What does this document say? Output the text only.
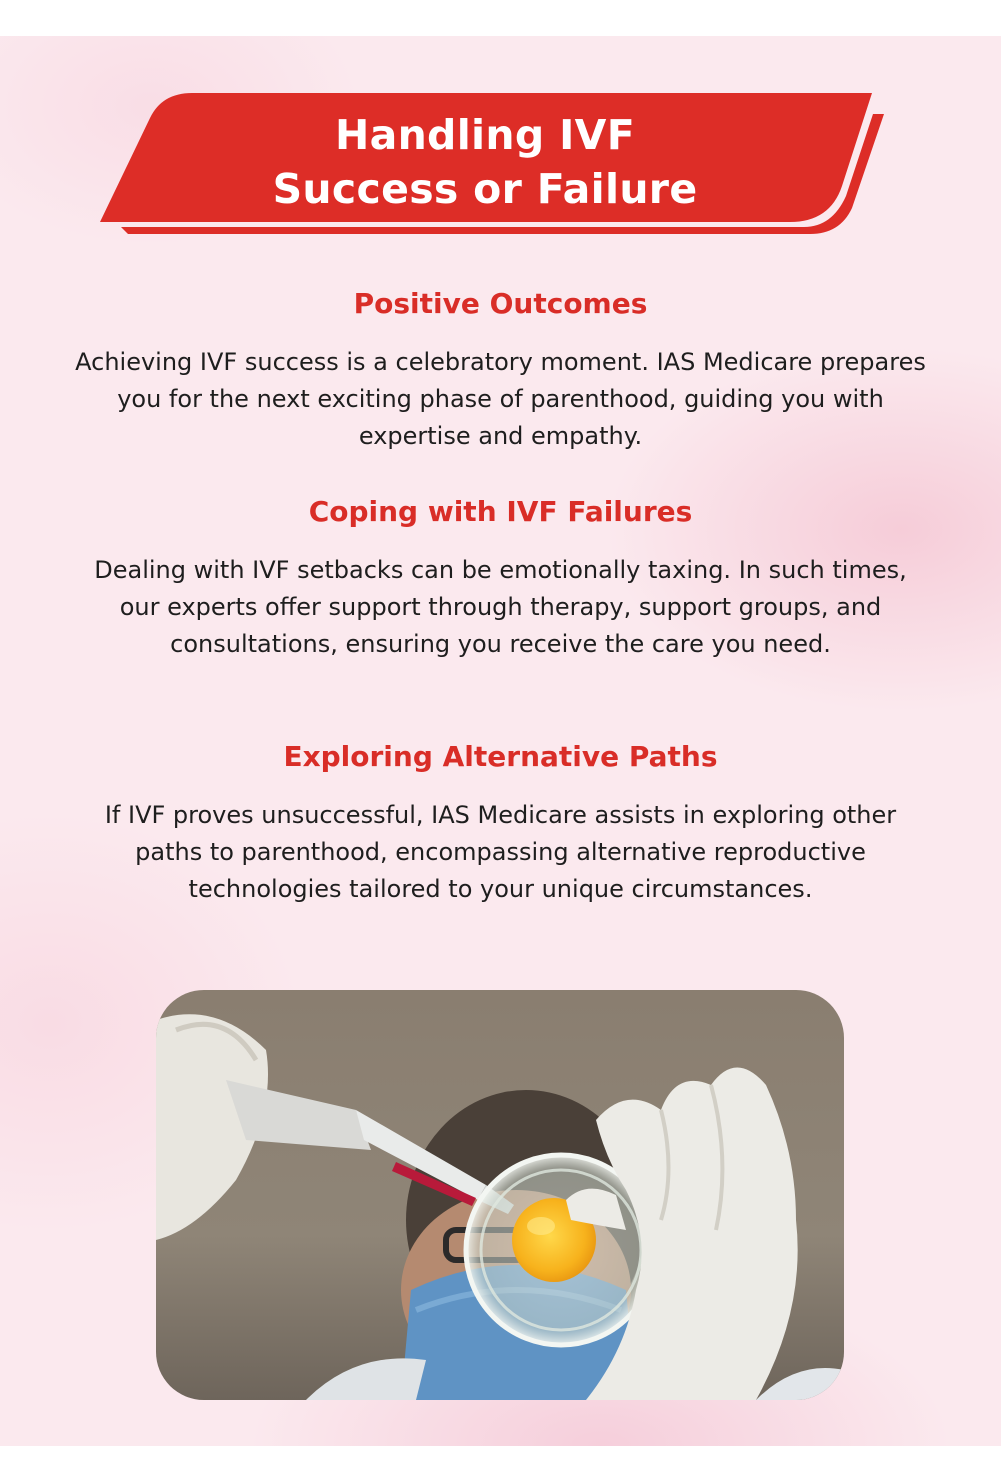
Handling IVF
Success or Failure
Positive Outcomes
Achieving IVF success is a celebratory moment. IAS Medicare prepares you for the next exciting phase of parenthood, guiding you with expertise and empathy.
Coping with IVF Failures
Dealing with IVF setbacks can be emotionally taxing. In such times, our experts offer support through therapy, support groups, and consultations, ensuring you receive the care you need.
Exploring Alternative Paths
If IVF proves unsuccessful, IAS Medicare assists in exploring other paths to parenthood, encompassing alternative reproductive technologies tailored to your unique circumstances.
